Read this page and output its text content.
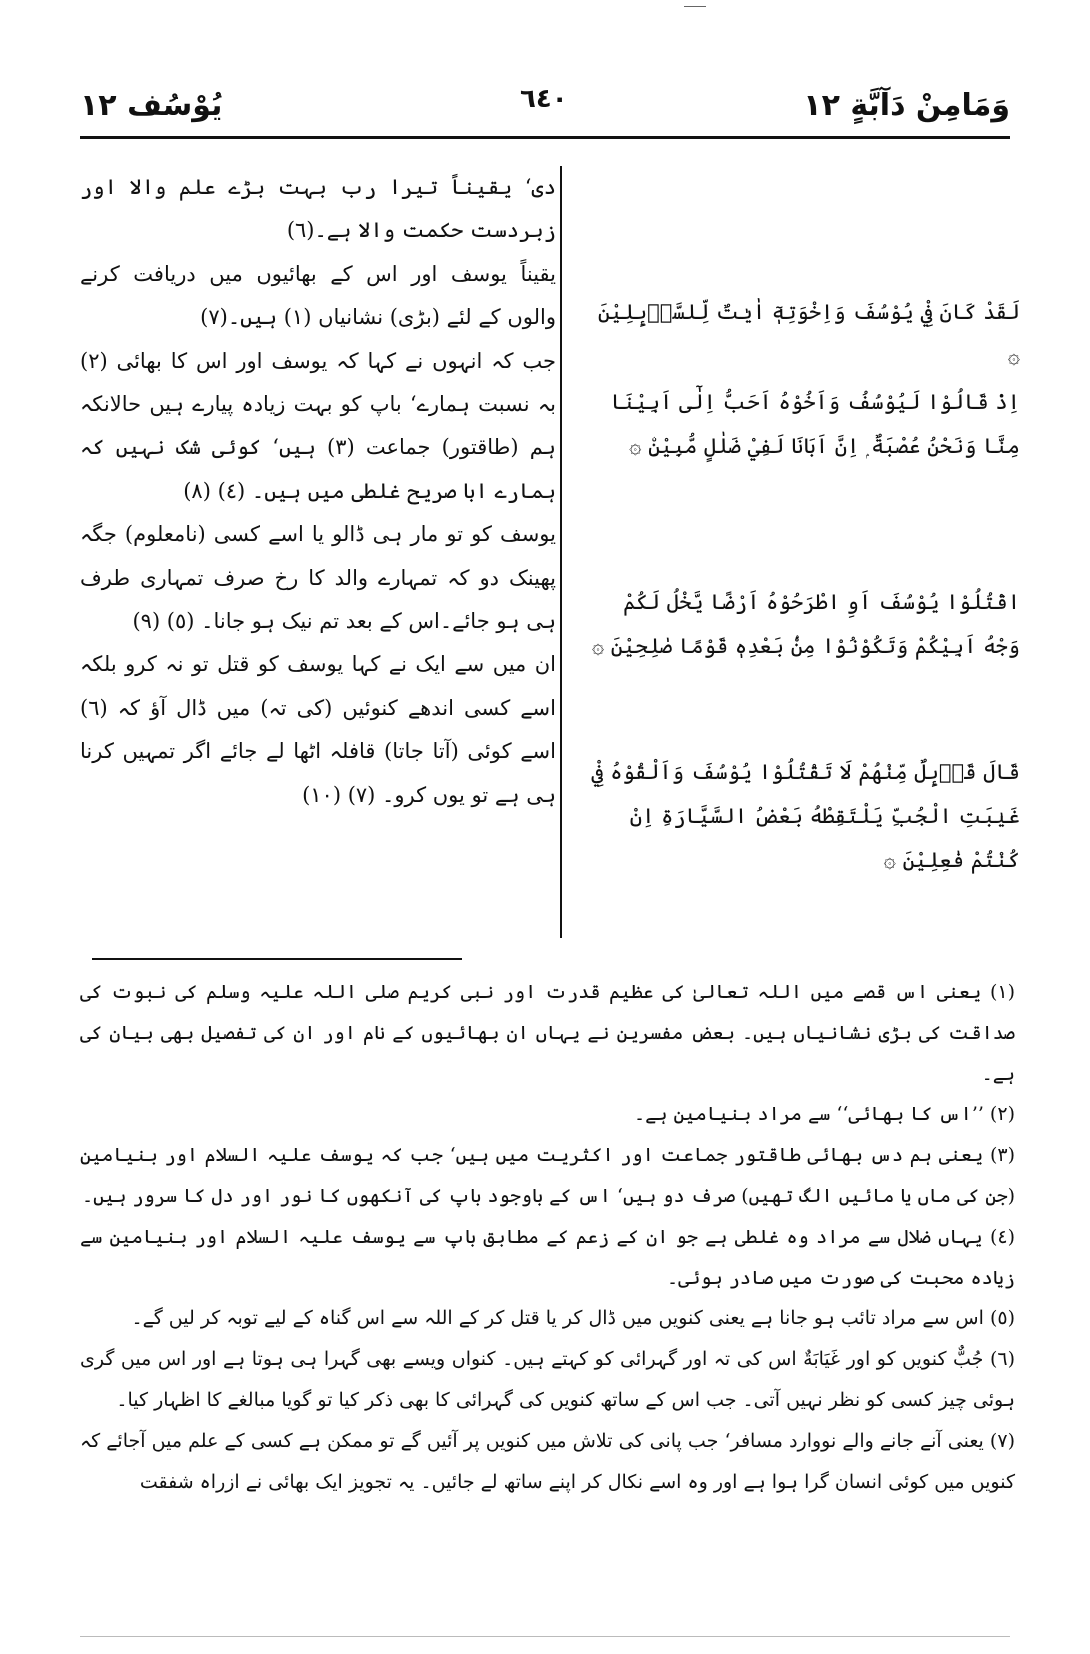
وَمَامِنْ دَآبَّةٍ ١٢
٦٤٠
يُوْسُف ١٢
لَقَدْ كَانَ فِيْ يُوْسُفَ وَاِخْوَتِهٖٓ اٰيٰتٌ لِّلسَّاۗىِٕلِيْنَ ۞
اِذْ قَالُوْا لَيُوْسُفُ وَاَخُوْهُ اَحَبُّ اِلٰٓى اَبِيْنَا مِنَّا وَنَحْنُ عُصْبَةٌ ۭ اِنَّ اَبَانَا لَفِيْ ضَلٰلٍ مُّبِيْنِۨ ۞
اقْتُلُوْا يُوْسُفَ اَوِ اطْرَحُوْهُ اَرْضًا يَّخْلُ لَكُمْ وَجْهُ اَبِيْكُمْ وَتَكُوْنُوْا مِنْۢ بَعْدِهٖ قَوْمًا صٰلِحِيْنَ ۞
قَالَ قَاۗىِٕلٌ مِّنْهُمْ لَا تَقْتُلُوْا يُوْسُفَ وَاَلْقُوْهُ فِيْ غَيٰبَتِ الْجُبِّ يَلْتَقِطْهُ بَعْضُ السَّيَّارَةِ اِنْ كُنْتُمْ فٰعِلِيْنَ ۞

دی‘ یقیناً تیرا رب بہت بڑے علم والا اور زبردست حکمت والا ہے۔(٦)

یقیناً یوسف اور اس کے بھائیوں میں دریافت کرنے والوں کے لئے (بڑی) نشانیاں (١) ہیں۔(٧)

جب کہ انہوں نے کہا کہ یوسف اور اس کا بھائی (٢) بہ نسبت ہمارے‘ باپ کو بہت زیادہ پیارے ہیں حالانکہ ہم (طاقتور) جماعت (٣) ہیں‘ کوئی شک نہیں کہ ہمارے ابا صریح غلطی میں ہیں۔ (٤) (٨)

یوسف کو تو مار ہی ڈالو یا اسے کسی (نامعلوم) جگہ پھینک دو کہ تمہارے والد کا رخ صرف تمہاری طرف ہی ہو جائے۔اس کے بعد تم نیک ہو جانا۔ (٥) (٩)

ان میں سے ایک نے کہا یوسف کو قتل تو نہ کرو بلکہ اسے کسی اندھے کنوئیں (کی تہ) میں ڈال آؤ کہ (٦) اسے کوئی (آتا جاتا) قافلہ اٹھا لے جائے اگر تمہیں کرنا ہی ہے تو یوں کرو۔ (٧) (١٠)

(١) یعنی اس قصے میں اللہ تعالیٰ کی عظیم قدرت اور نبی کریم صلی اللہ علیہ وسلم کی نبوت کی صداقت کی بڑی نشانیاں ہیں۔ بعض مفسرین نے یہاں ان بھائیوں کے نام اور ان کی تفصیل بھی بیان کی ہے۔

(٢) ’’اس کا بھائی‘‘ سے مراد بنیامین ہے۔

(٣) یعنی ہم دس بھائی طاقتور جماعت اور اکثریت میں ہیں‘ جب کہ یوسف علیہ السلام اور بنیامین (جن کی ماں یا مائیں الگ تھیں) صرف دو ہیں‘ اس کے باوجود باپ کی آنکھوں کا نور اور دل کا سرور ہیں۔

(٤) یہاں ضلال سے مراد وہ غلطی ہے جو ان کے زعم کے مطابق باپ سے یوسف علیہ السلام اور بنیامین سے زیادہ محبت کی صورت میں صادر ہوئی۔

(٥) اس سے مراد تائب ہو جانا ہے یعنی کنویں میں ڈال کر یا قتل کر کے اللہ سے اس گناہ کے لیے توبہ کر لیں گے۔

(٦) جُبٌّ کنویں کو اور غَيَابَةٌ اس کی تہ اور گہرائی کو کہتے ہیں۔ کنواں ویسے بھی گہرا ہی ہوتا ہے اور اس میں گری ہوئی چیز کسی کو نظر نہیں آتی۔ جب اس کے ساتھ کنویں کی گہرائی کا بھی ذکر کیا تو گویا مبالغے کا اظہار کیا۔

(٧) یعنی آنے جانے والے نووارد مسافر‘ جب پانی کی تلاش میں کنویں پر آئیں گے تو ممکن ہے کسی کے علم میں آجائے کہ کنویں میں کوئی انسان گرا ہوا ہے اور وہ اسے نکال کر اپنے ساتھ لے جائیں۔ یہ تجویز ایک بھائی نے ازراہ شفقت
